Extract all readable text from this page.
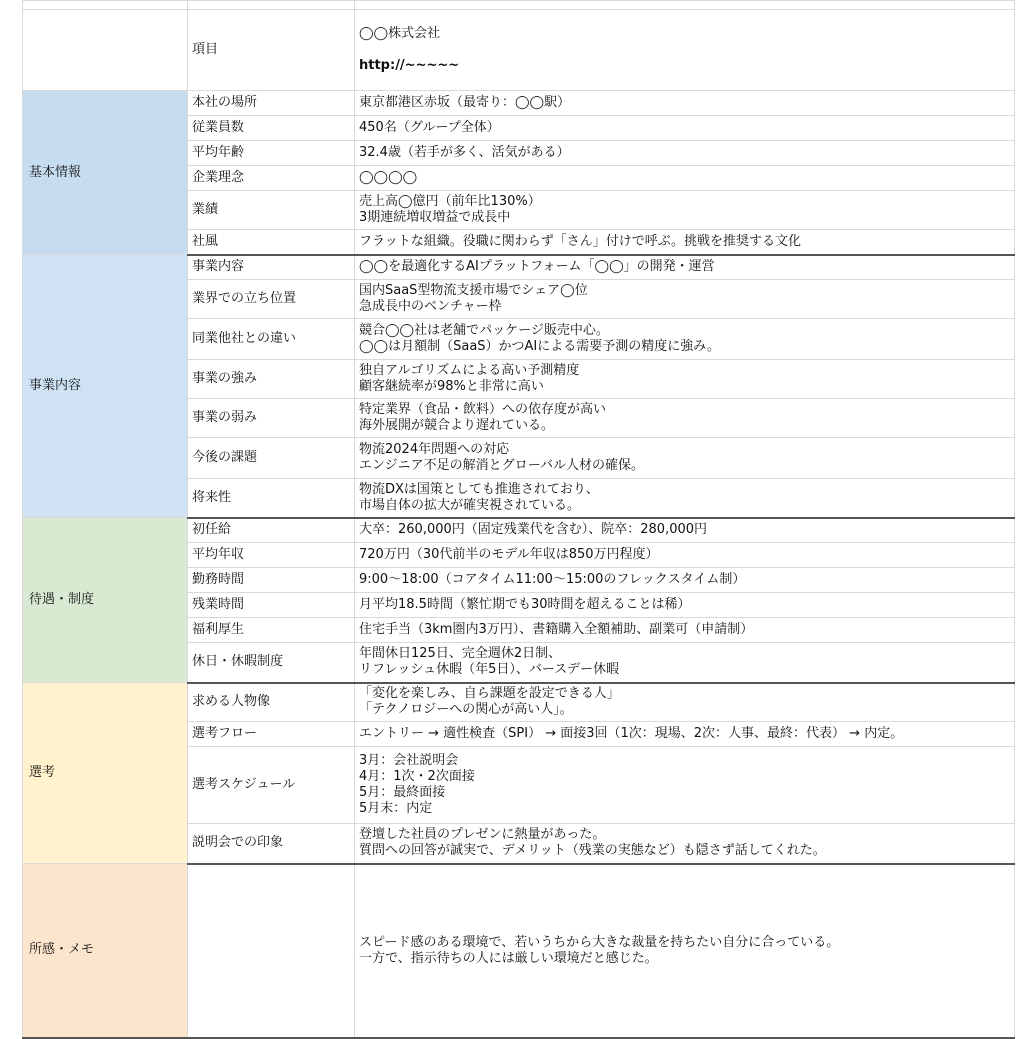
	項目	◯◯株式会社

http://~~~~~

基本情報	本社の場所	東京都港区赤坂（最寄り：◯◯駅）
	従業員数	450名（グループ全体）
	平均年齢	32.4歳（若手が多く、活気がある）
	企業理念	◯◯◯◯
	業績	売上高◯億円（前年比130%）
3期連続増収増益で成長中
	社風	フラットな組織。役職に関わらず「さん」付けで呼ぶ。挑戦を推奨する文化
事業内容	事業内容	◯◯を最適化するAIプラットフォーム「◯◯」の開発・運営
	業界での立ち位置	国内SaaS型物流支援市場でシェア◯位
急成長中のベンチャー枠
	同業他社との違い	競合◯◯社は老舗でパッケージ販売中心。
◯◯は月額制（SaaS）かつAIによる需要予測の精度に強み。
	事業の強み	独自アルゴリズムによる高い予測精度
顧客継続率が98%と非常に高い
	事業の弱み	特定業界（食品・飲料）への依存度が高い
海外展開が競合より遅れている。
	今後の課題	物流2024年問題への対応
エンジニア不足の解消とグローバル人材の確保。
	将来性	物流DXは国策としても推進されており、
市場自体の拡大が確実視されている。
待遇・制度	初任給	大卒：260,000円（固定残業代を含む）、院卒：280,000円
	平均年収	720万円（30代前半のモデル年収は850万円程度）
	勤務時間	9:00～18:00（コアタイム11:00～15:00のフレックスタイム制）
	残業時間	月平均18.5時間（繁忙期でも30時間を超えることは稀）
	福利厚生	住宅手当（3km圏内3万円）、書籍購入全額補助、副業可（申請制）
	休日・休暇制度	年間休日125日、完全週休2日制、
リフレッシュ休暇（年5日）、バースデー休暇
選考	求める人物像	「変化を楽しみ、自ら課題を設定できる人」
「テクノロジーへの関心が高い人」。
	選考フロー	エントリー → 適性検査（SPI） → 面接3回（1次：現場、2次：人事、最終：代表） → 内定。
	選考スケジュール	3月：会社説明会
4月：1次・2次面接
5月：最終面接
5月末：内定
	説明会での印象	登壇した社員のプレゼンに熱量があった。
質問への回答が誠実で、デメリット（残業の実態など）も隠さず話してくれた。
所感・メモ		スピード感のある環境で、若いうちから大きな裁量を持ちたい自分に合っている。
一方で、指示待ちの人には厳しい環境だと感じた。
